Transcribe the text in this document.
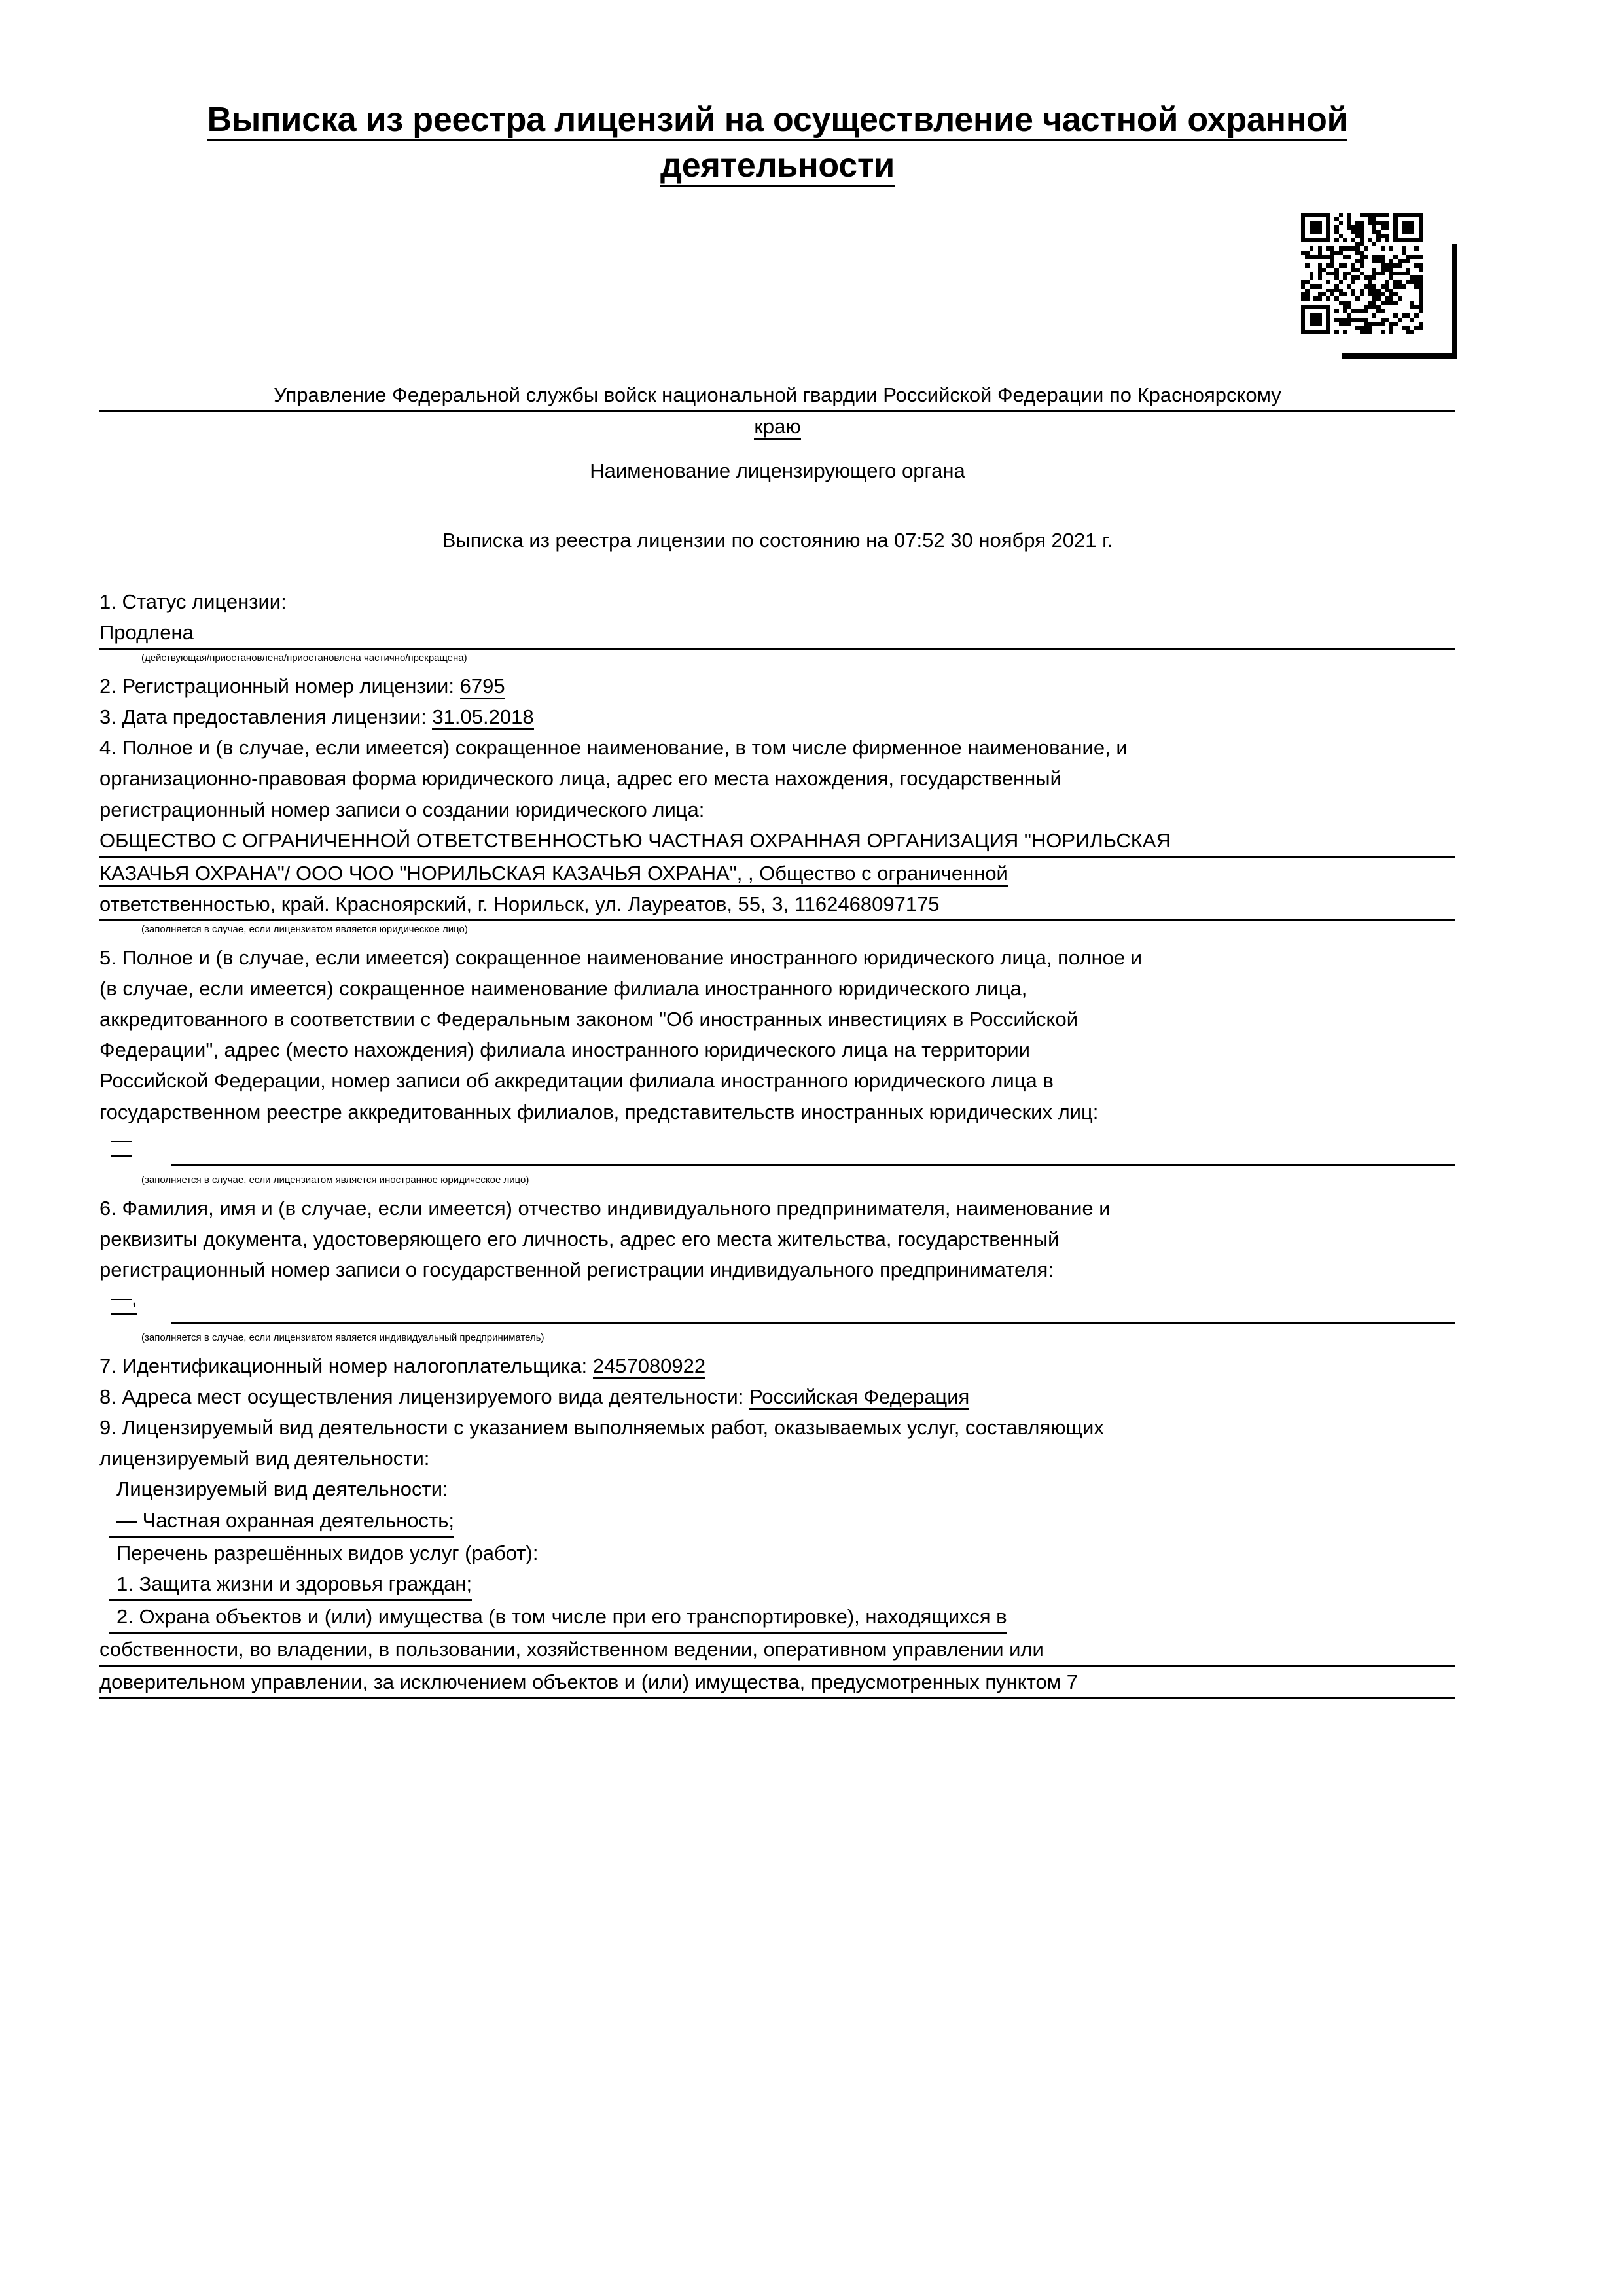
Выписка из реестра лицензий на осуществление частной охранной
деятельности
Управление Федеральной службы войск национальной гвардии Российской Федерации по Красноярскому
краю
Наименование лицензирующего органа
Выписка из реестра лицензии по состоянию на 07:52 30 ноября 2021 г.
1. Статус лицензии:
Продлена
(действующая/приостановлена/приостановлена частично/прекращена)
2. Регистрационный номер лицензии: 6795
3. Дата предоставления лицензии: 31.05.2018
4. Полное и (в случае, если имеется) сокращенное наименование, в том числе фирменное наименование, и
организационно-правовая форма юридического лица, адрес его места нахождения, государственный
регистрационный номер записи о создании юридического лица:
ОБЩЕСТВО С ОГРАНИЧЕННОЙ ОТВЕТСТВЕННОСТЬЮ ЧАСТНАЯ ОХРАННАЯ ОРГАНИЗАЦИЯ "НОРИЛЬСКАЯ
КАЗАЧЬЯ ОХРАНА"/ ООО ЧОО "НОРИЛЬСКАЯ КАЗАЧЬЯ ОХРАНА", , Общество с ограниченной
ответственностью, край. Красноярский, г. Норильск, ул. Лауреатов, 55, 3, 1162468097175
(заполняется в случае, если лицензиатом является юридическое лицо)
5. Полное и (в случае, если имеется) сокращенное наименование иностранного юридического лица, полное и
(в случае, если имеется) сокращенное наименование филиала иностранного юридического лица,
аккредитованного в соответствии с Федеральным законом "Об иностранных инвестициях в Российской
Федерации", адрес (место нахождения) филиала иностранного юридического лица на территории
Российской Федерации, номер записи об аккредитации филиала иностранного юридического лица в
государственном реестре аккредитованных филиалов, представительств иностранных юридических лиц:
—
(заполняется в случае, если лицензиатом является иностранное юридическое лицо)
6. Фамилия, имя и (в случае, если имеется) отчество индивидуального предпринимателя, наименование и
реквизиты документа, удостоверяющего его личность, адрес его места жительства, государственный
регистрационный номер записи о государственной регистрации индивидуального предпринимателя:
—,
(заполняется в случае, если лицензиатом является индивидуальный предприниматель)
7. Идентификационный номер налогоплательщика: 2457080922
8. Адреса мест осуществления лицензируемого вида деятельности: Российская Федерация
9. Лицензируемый вид деятельности с указанием выполняемых работ, оказываемых услуг, составляющих
лицензируемый вид деятельности:
Лицензируемый вид деятельности:
— Частная охранная деятельность;
Перечень разрешённых видов услуг (работ):
1. Защита жизни и здоровья граждан;
2. Охрана объектов и (или) имущества (в том числе при его транспортировке), находящихся в
собственности, во владении, в пользовании, хозяйственном ведении, оперативном управлении или
доверительном управлении, за исключением объектов и (или) имущества, предусмотренных пунктом 7
